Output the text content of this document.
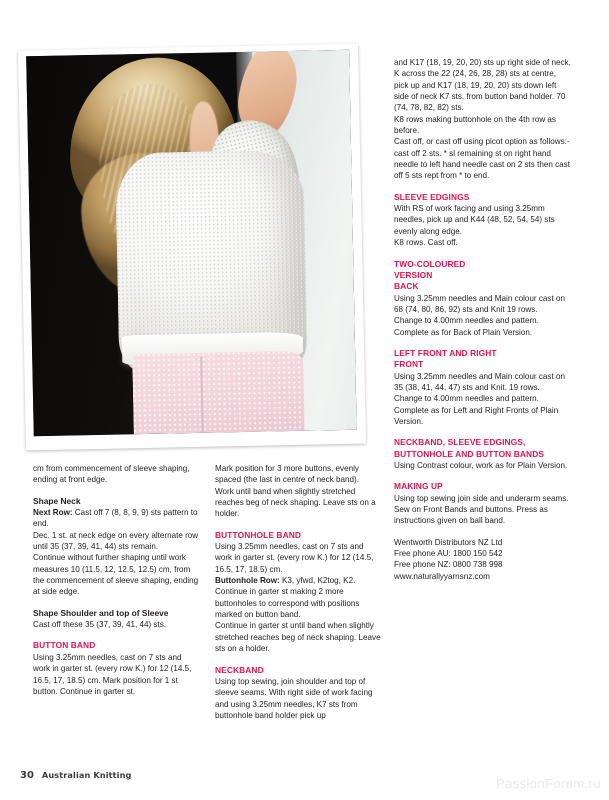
cm from commencement of sleeve shaping, ending at front edge.

Shape Neck

Next Row: Cast off 7 (8, 8, 9, 9) sts pattern to end.

Dec. 1 st. at neck edge on every alternate row until 35 (37, 39, 41, 44) sts remain.

Continue without further shaping until work measures 10 (11.5, 12, 12.5, 12.5) cm, from the commencement of sleeve shaping, ending at side edge.

Shape Shoulder and top of Sleeve

Cast off these 35 (37, 39, 41, 44) sts.

BUTTON BAND

Using 3.25mm needles, cast on 7 sts and work in garter st. (every row K.) for 12 (14.5, 16.5, 17, 18.5) cm. Mark position for 1 st button. Continue in garter st.

Mark position for 3 more buttons, evenly spaced (the last in centre of neck band).

Work until band when slightly stretched reaches beg of neck shaping. Leave sts on a holder.

BUTTONHOLE BAND

Using 3.25mm needles, cast on 7 sts and work in garter st. (every row K.) for 12 (14.5, 16.5, 17, 18.5) cm.

Buttonhole Row: K3, yfwd, K2tog, K2.

Continue in garter st making 2 more buttonholes to correspond with positions marked on button band.

Continue in garter st until band when slightly stretched reaches beg of neck shaping. Leave sts on a holder.

NECKBAND

Using top sewing, join shoulder and top of sleeve seams. With right side of work facing and using 3.25mm needles, K7 sts from buttonhole band holder pick up

and K17 (18, 19, 20, 20) sts up right side of neck, K across the 22 (24, 26, 28, 28) sts at centre, pick up and K17 (18, 19, 20, 20) sts down left side of neck K7 sts. from button band holder. 70 (74, 78, 82, 82) sts.

K8 rows making buttonhole on the 4th row as before.

Cast off, or cast off using picot option as follows:- cast off 2 sts. * sl remaining st on right hand needle to left hand needle cast on 2 sts then cast off 5 sts rept from * to end.

SLEEVE EDGINGS

With RS of work facing and using 3.25mm needles, pick up and K44 (48, 52, 54, 54) sts evenly along edge.

K8 rows. Cast off.

TWO-COLOURED

VERSION

BACK

Using 3.25mm needles and Main colour cast on 68 (74, 80, 86, 92) sts and Knit 19 rows.

Change to 4.00mm needles and pattern.

Complete as for Back of Plain Version.

LEFT FRONT AND RIGHT

FRONT

Using 3.25mm needles and Main colour cast on 35 (38, 41, 44, 47) sts and Knit. 19 rows.

Change to 4.00mm needles and pattern.

Complete as for Left and Right Fronts of Plain Version.

NECKBAND, SLEEVE EDGINGS,

BUTTONHOLE AND BUTTON BANDS

Using Contrast colour, work as for Plain Version.

MAKING UP

Using top sewing join side and underarm seams. Sew on Front Bands and buttons. Press as instructions given on ball band.

Wentworth Distributors NZ Ltd

Free phone AU: 1800 150 542

Free phone NZ: 0800 738 998

www.naturallyyarnsnz.com

30 Australian Knitting
PassionForum.ru
